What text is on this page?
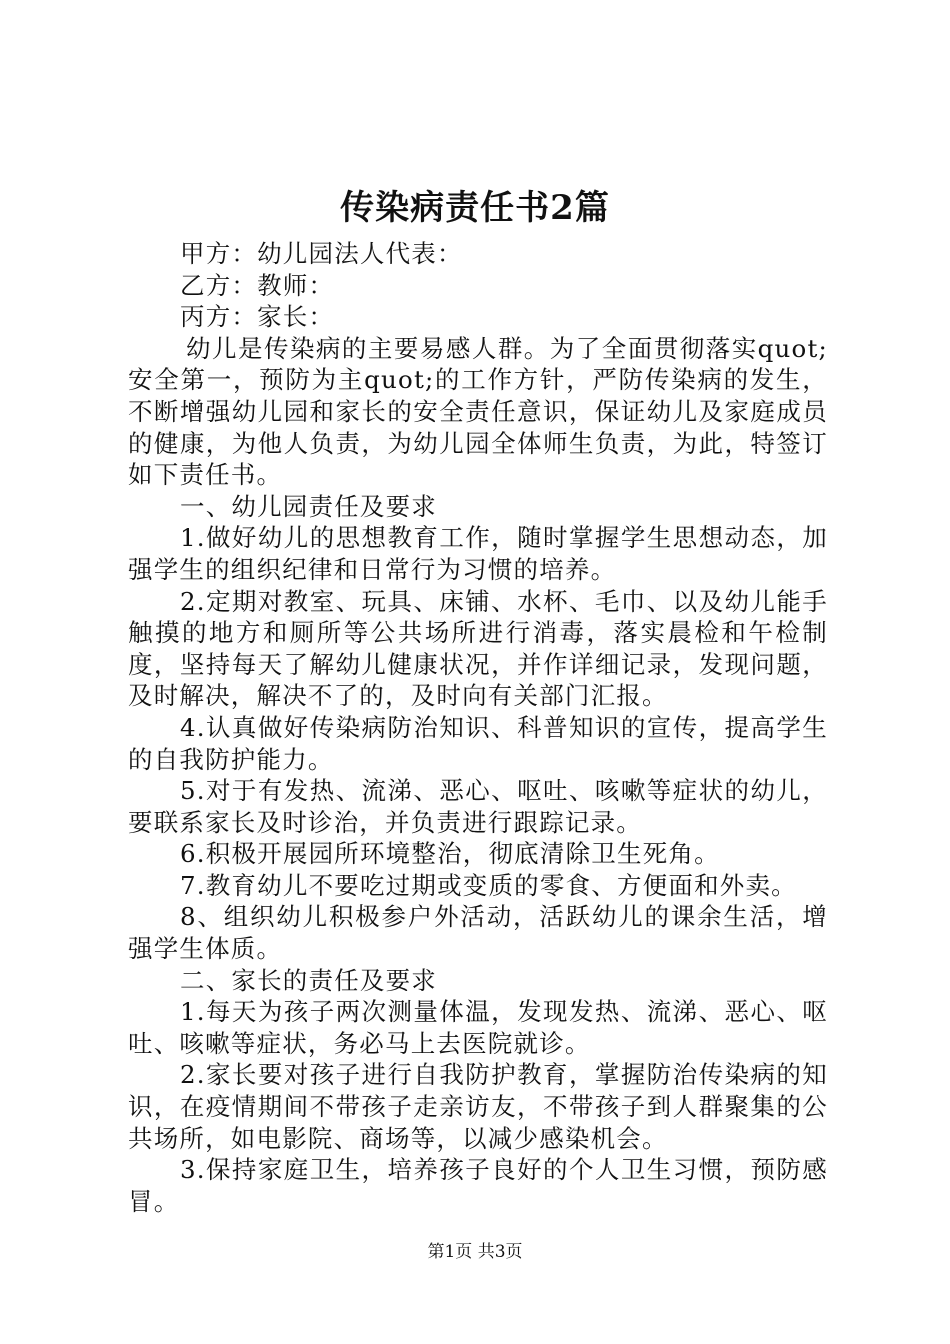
传染病责任书2篇

甲方：幼儿园法人代表：

乙方：教师：

丙方：家长：

幼儿是传染病的主要易感人群。为了全面贯彻落实quot;安全第一，预防为主quot;的工作方针，严防传染病的发生，不断增强幼儿园和家长的安全责任意识，保证幼儿及家庭成员的健康，为他人负责，为幼儿园全体师生负责，为此，特签订如下责任书。

一、幼儿园责任及要求

1.做好幼儿的思想教育工作，随时掌握学生思想动态，加强学生的组织纪律和日常行为习惯的培养。

2.定期对教室、玩具、床铺、水杯、毛巾、以及幼儿能手触摸的地方和厕所等公共场所进行消毒，落实晨检和午检制度，坚持每天了解幼儿健康状况，并作详细记录，发现问题，及时解决，解决不了的，及时向有关部门汇报。

4.认真做好传染病防治知识、科普知识的宣传，提高学生的自我防护能力。

5.对于有发热、流涕、恶心、呕吐、咳嗽等症状的幼儿，要联系家长及时诊治，并负责进行跟踪记录。

6.积极开展园所环境整治，彻底清除卫生死角。

7.教育幼儿不要吃过期或变质的零食、方便面和外卖。

8、组织幼儿积极参户外活动，活跃幼儿的课余生活，增强学生体质。

二、家长的责任及要求

1.每天为孩子两次测量体温，发现发热、流涕、恶心、呕吐、咳嗽等症状，务必马上去医院就诊。

2.家长要对孩子进行自我防护教育，掌握防治传染病的知识，在疫情期间不带孩子走亲访友，不带孩子到人群聚集的公共场所，如电影院、商场等，以减少感染机会。

3.保持家庭卫生，培养孩子良好的个人卫生习惯，预防感冒。

第1页 共3页
